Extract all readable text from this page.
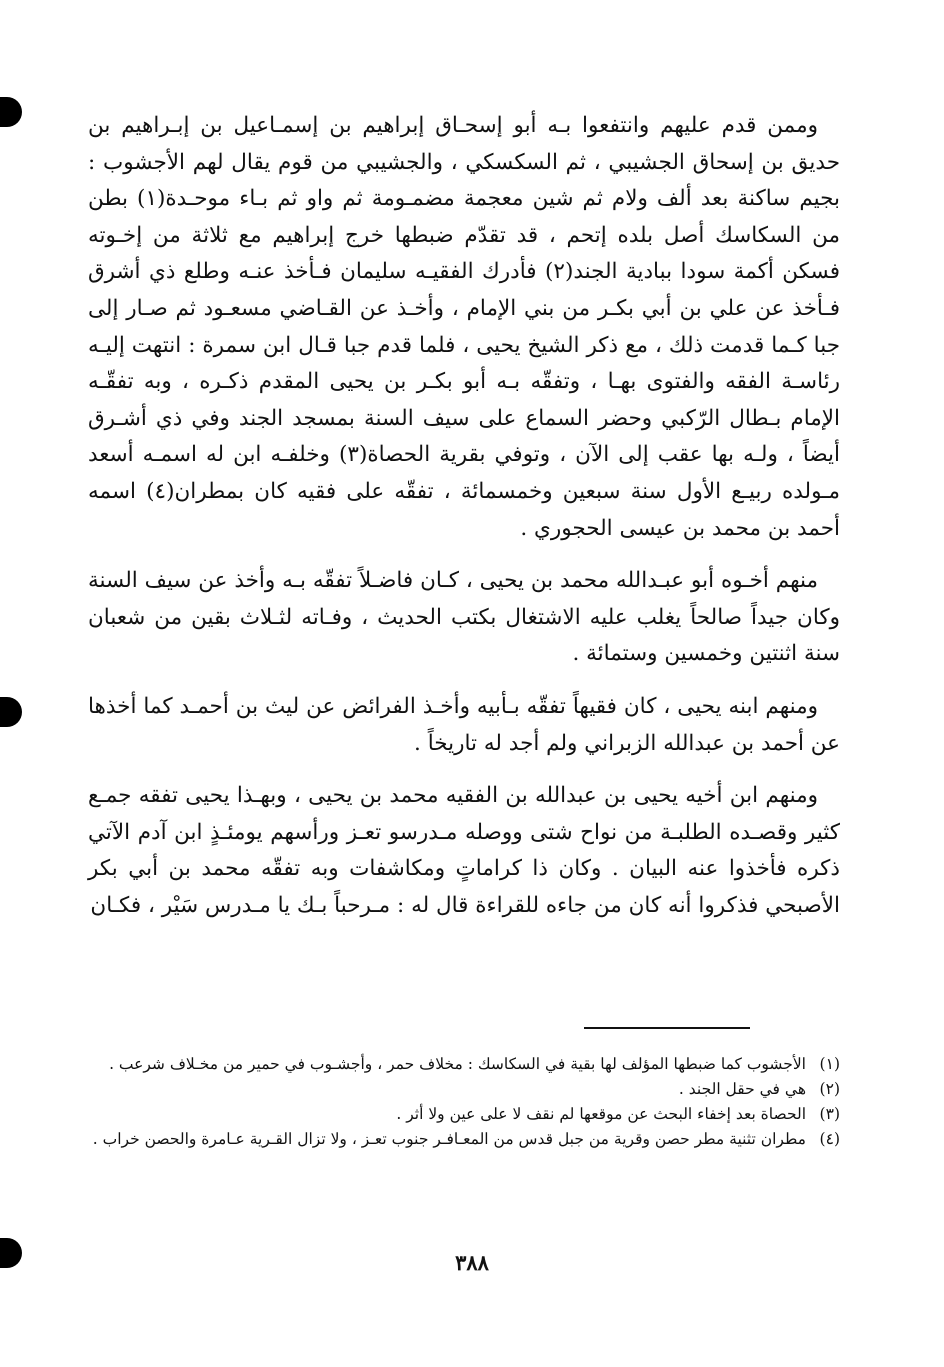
وممن قدم عليهم وانتفعوا بـه أبو إسحـاق إبراهيم بن إسمـاعيل بن إبـراهيم بن حديق بن إسحاق الجشيبي ، ثم السكسكي ، والجشيبي من قوم يقال لهم الأجشوب : بجيم ساكنة بعد ألف ولام ثم شين معجمة مضمـومة ثم واو ثم بـاء موحـدة(١) بطن من السكاسك أصل بلده إتحم ، قد تقدّم ضبطها خرج إبراهيم مع ثلاثة من إخـوته فسكن أكمة سودا ببادية الجند(٢) فأدرك الفقيـه سليمان فـأخذ عنـه وطلع ذي أشرق فـأخذ عن علي بن أبي بكـر من بني الإمام ، وأخـذ عن القـاضي مسعـود ثم صـار إلى جبا كـما قدمت ذلك ، مع ذكر الشيخ يحيى ، فلما قدم جبا قـال ابن سمرة : انتهت إليـه رئاسـة الفقه والفتوى بهـا ، وتفقّه بـه أبو بكـر بن يحيى المقدم ذكـره ، وبه تفقّـه الإمام بـطال الرّكبي وحضر السماع على سيف السنة بمسجد الجند وفي ذي أشـرق أيضاً ، ولـه بها عقب إلى الآن ، وتوفي بقرية الحصاة(٣) وخلفـه ابن له اسمـه أسعد مـولده ربيـع الأول سنة سبعين وخمسمائة ، تفقّه على فقيه كان بمطران(٤) اسمه أحمد بن محمد بن عيسى الحجوري .

منهم أخـوه أبو عبـدالله محمد بن يحيى ، كـان فاضـلاً تفقّه بـه وأخذ عن سيف السنة وكان جيداً صالحاً يغلب عليه الاشتغال بكتب الحديث ، وفـاته لثـلاث بقين من شعبان سنة اثنتين وخمسين وستمائة .

ومنهم ابنه يحيى ، كان فقيهاً تفقّه بـأبيه وأخـذ الفرائض عن ليث بن أحمـد كما أخذها عن أحمد بن عبدالله الزبراني ولم أجد له تاريخاً .

ومنهم ابن أخيه يحيى بن عبدالله بن الفقيه محمد بن يحيى ، وبهـذا يحيى تفقه جمـع كثير وقصـده الطلبـة من نواح شتى ووصله مـدرسو تعـز ورأسهم يومئـذٍ ابن آدم الآتي ذكره فأخذوا عنه البيان . وكان ذا كراماتٍ ومكاشفات وبه تفقّه محمد بن أبي بكر الأصبحي فذكروا أنه كان من جاءه للقراءة قال له : مـرحباً بـك يا مـدرس سَيْر ، فكـان

(١)
الأجشوب كما ضبطها المؤلف لها بقية في السكاسك : مخلاف حمر ، وأجشـوب في حمير من مخـلاف شرعب .
(٢)
هي في حقل الجند .
(٣)
الحصاة بعد إخفاء البحث عن موقعها لم نقف لا على عين ولا أثر .
(٤)
مطران تثنية مطر حصن وقرية من جبل قدس من المعـافـر جنوب تعـز ، ولا تزال القـرية عـامرة والحصن خراب .
٣٨٨
